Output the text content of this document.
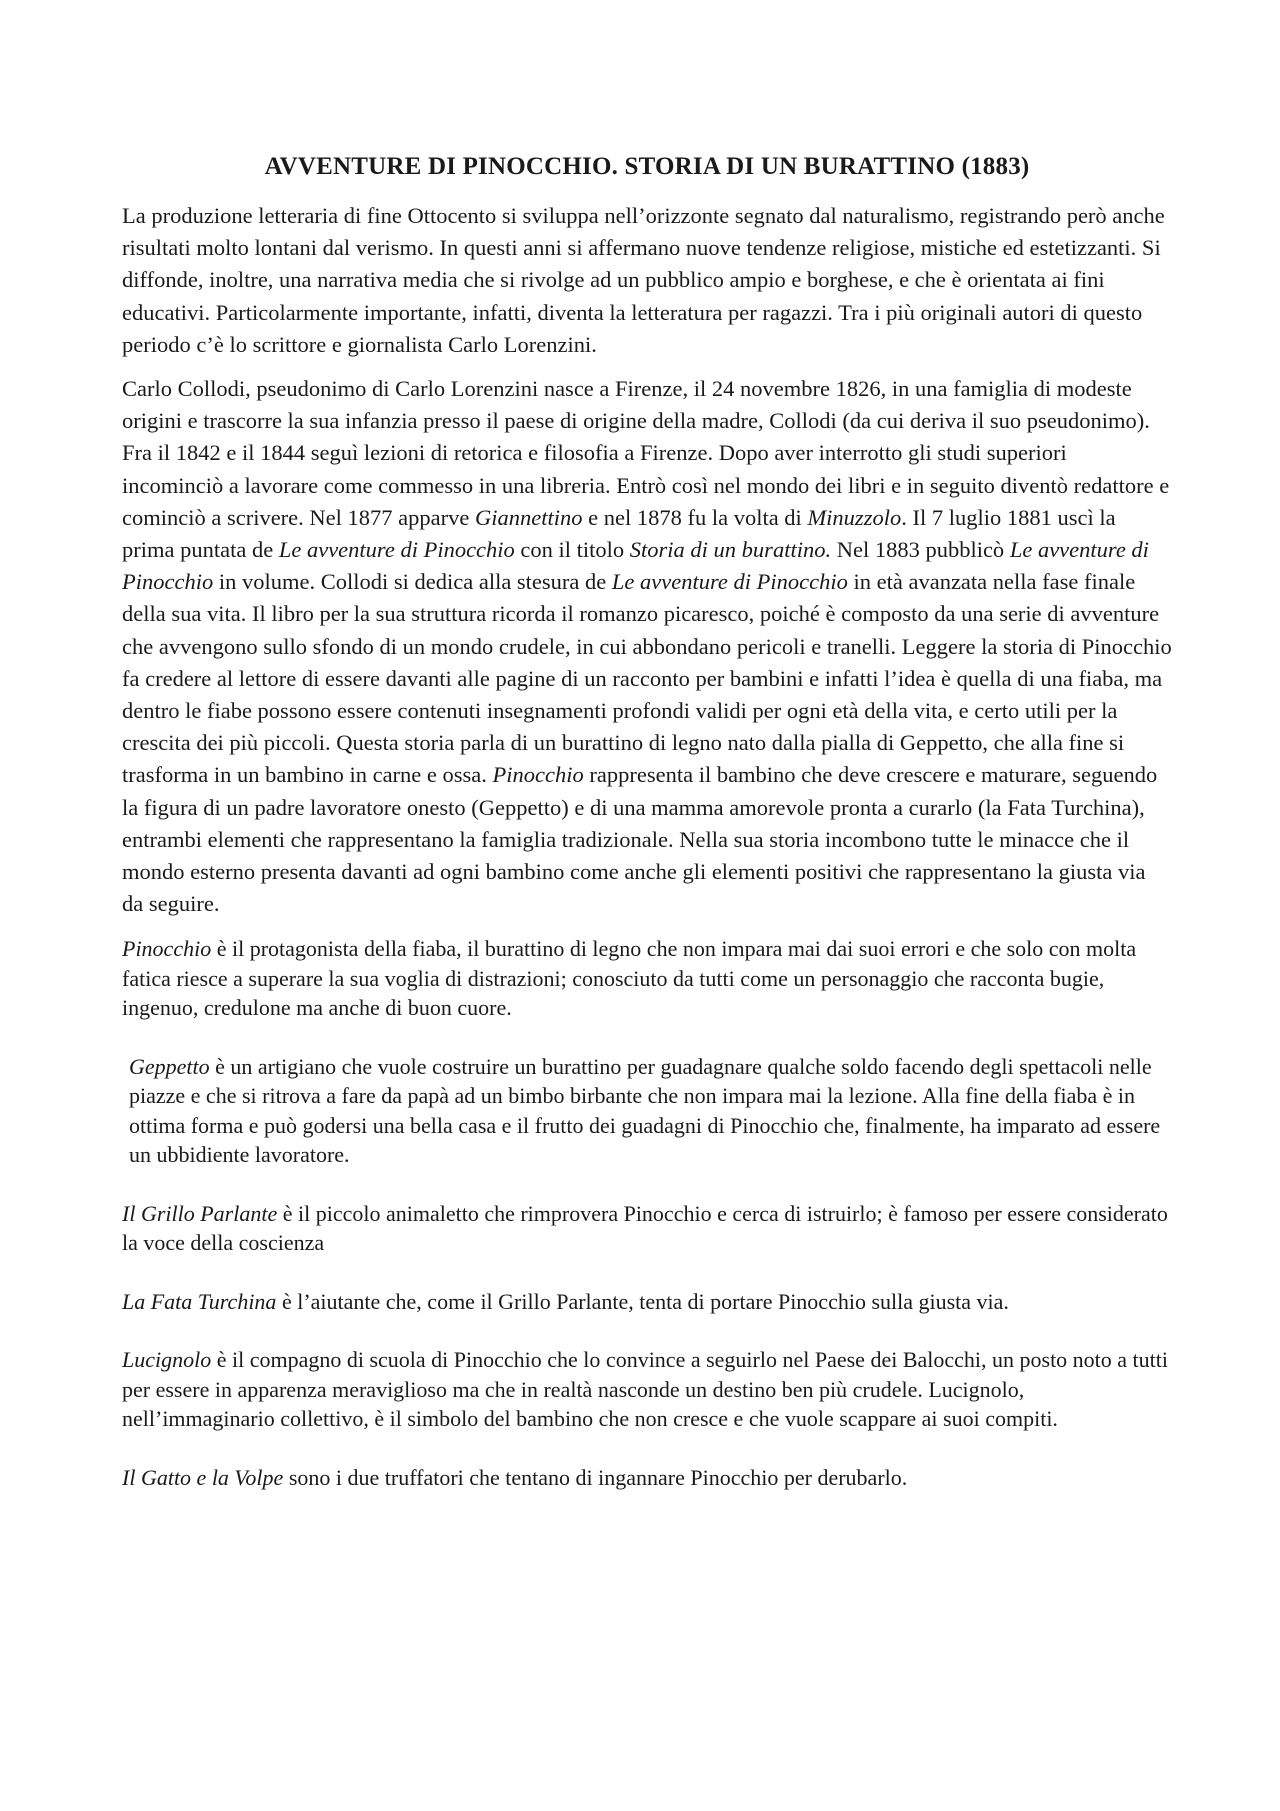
AVVENTURE DI PINOCCHIO. STORIA DI UN BURATTINO (1883)

La produzione letteraria di fine Ottocento si sviluppa nell’orizzonte segnato dal naturalismo, registrando però anche risultati molto lontani dal verismo. In questi anni si affermano nuove tendenze religiose, mistiche ed estetizzanti. Si diffonde, inoltre, una narrativa media che si rivolge ad un pubblico ampio e borghese, e che è orientata ai fini educativi. Particolarmente importante, infatti, diventa la letteratura per ragazzi. Tra i più originali autori di questo periodo c’è lo scrittore e giornalista Carlo Lorenzini.

Carlo Collodi, pseudonimo di Carlo Lorenzini nasce a Firenze, il 24 novembre 1826, in una famiglia di modeste origini e trascorre la sua infanzia presso il paese di origine della madre, Collodi (da cui deriva il suo pseudonimo). Fra il 1842 e il 1844 seguì lezioni di retorica e filosofia a Firenze. Dopo aver interrotto gli studi superiori incominciò a lavorare come commesso in una libreria. Entrò così nel mondo dei libri e in seguito diventò redattore e cominciò a scrivere. Nel 1877 apparve Giannettino e nel 1878 fu la volta di Minuzzolo. Il 7 luglio 1881 uscì la prima puntata de Le avventure di Pinocchio con il titolo Storia di un burattino. Nel 1883 pubblicò Le avventure di Pinocchio in volume. Collodi si dedica alla stesura de Le avventure di Pinocchio in età avanzata nella fase finale della sua vita. Il libro per la sua struttura ricorda il romanzo picaresco, poiché è composto da una serie di avventure che avvengono sullo sfondo di un mondo crudele, in cui abbondano pericoli e tranelli. Leggere la storia di Pinocchio fa credere al lettore di essere davanti alle pagine di un racconto per bambini e infatti l’idea è quella di una fiaba, ma dentro le fiabe possono essere contenuti insegnamenti profondi validi per ogni età della vita, e certo utili per la crescita dei più piccoli. Questa storia parla di un burattino di legno nato dalla pialla di Geppetto, che alla fine si trasforma in un bambino in carne e ossa. Pinocchio rappresenta il bambino che deve crescere e maturare, seguendo la figura di un padre lavoratore onesto (Geppetto) e di una mamma amorevole pronta a curarlo (la Fata Turchina), entrambi elementi che rappresentano la famiglia tradizionale. Nella sua storia incombono tutte le minacce che il mondo esterno presenta davanti ad ogni bambino come anche gli elementi positivi che rappresentano la giusta via da seguire.

Pinocchio è il protagonista della fiaba, il burattino di legno che non impara mai dai suoi errori e che solo con molta fatica riesce a superare la sua voglia di distrazioni; conosciuto da tutti come un personaggio che racconta bugie, ingenuo, credulone ma anche di buon cuore.

Geppetto è un artigiano che vuole costruire un burattino per guadagnare qualche soldo facendo degli spettacoli nelle piazze e che si ritrova a fare da papà ad un bimbo birbante che non impara mai la lezione. Alla fine della fiaba è in ottima forma e può godersi una bella casa e il frutto dei guadagni di Pinocchio che, finalmente, ha imparato ad essere un ubbidiente lavoratore.

Il Grillo Parlante è il piccolo animaletto che rimprovera Pinocchio e cerca di istruirlo; è famoso per essere considerato la voce della coscienza

La Fata Turchina è l’aiutante che, come il Grillo Parlante, tenta di portare Pinocchio sulla giusta via.

Lucignolo è il compagno di scuola di Pinocchio che lo convince a seguirlo nel Paese dei Balocchi, un posto noto a tutti per essere in apparenza meraviglioso ma che in realtà nasconde un destino ben più crudele. Lucignolo, nell’immaginario collettivo, è il simbolo del bambino che non cresce e che vuole scappare ai suoi compiti.

Il Gatto e la Volpe sono i due truffatori che tentano di ingannare Pinocchio per derubarlo.
